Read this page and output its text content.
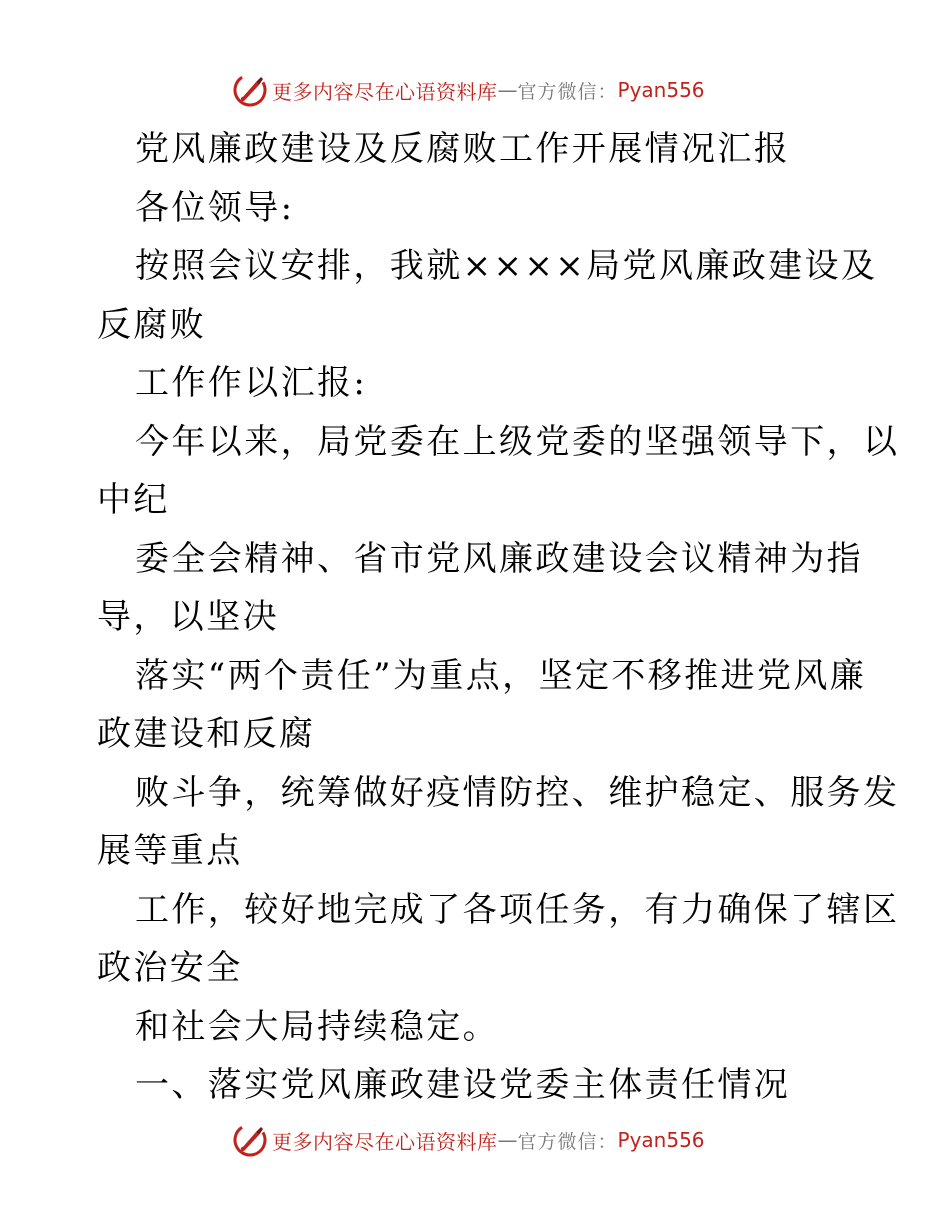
更多内容尽在心语资料库 — 官方微信： Pyan556
党风廉政建设及反腐败工作开展情况汇报
各位领导:
按照会议安排，我就××××局党风廉政建设及
反腐败
工作作以汇报:
今年以来，局党委在上级党委的坚强领导下，以
中纪
委全会精神、省市党风廉政建设会议精神为指
导，以坚决
落实“两个责任”为重点，坚定不移推进党风廉
政建设和反腐
败斗争，统筹做好疫情防控、维护稳定、服务发
展等重点
工作，较好地完成了各项任务，有力确保了辖区
政治安全
和社会大局持续稳定。
一、落实党风廉政建设党委主体责任情况
更多内容尽在心语资料库 — 官方微信： Pyan556
